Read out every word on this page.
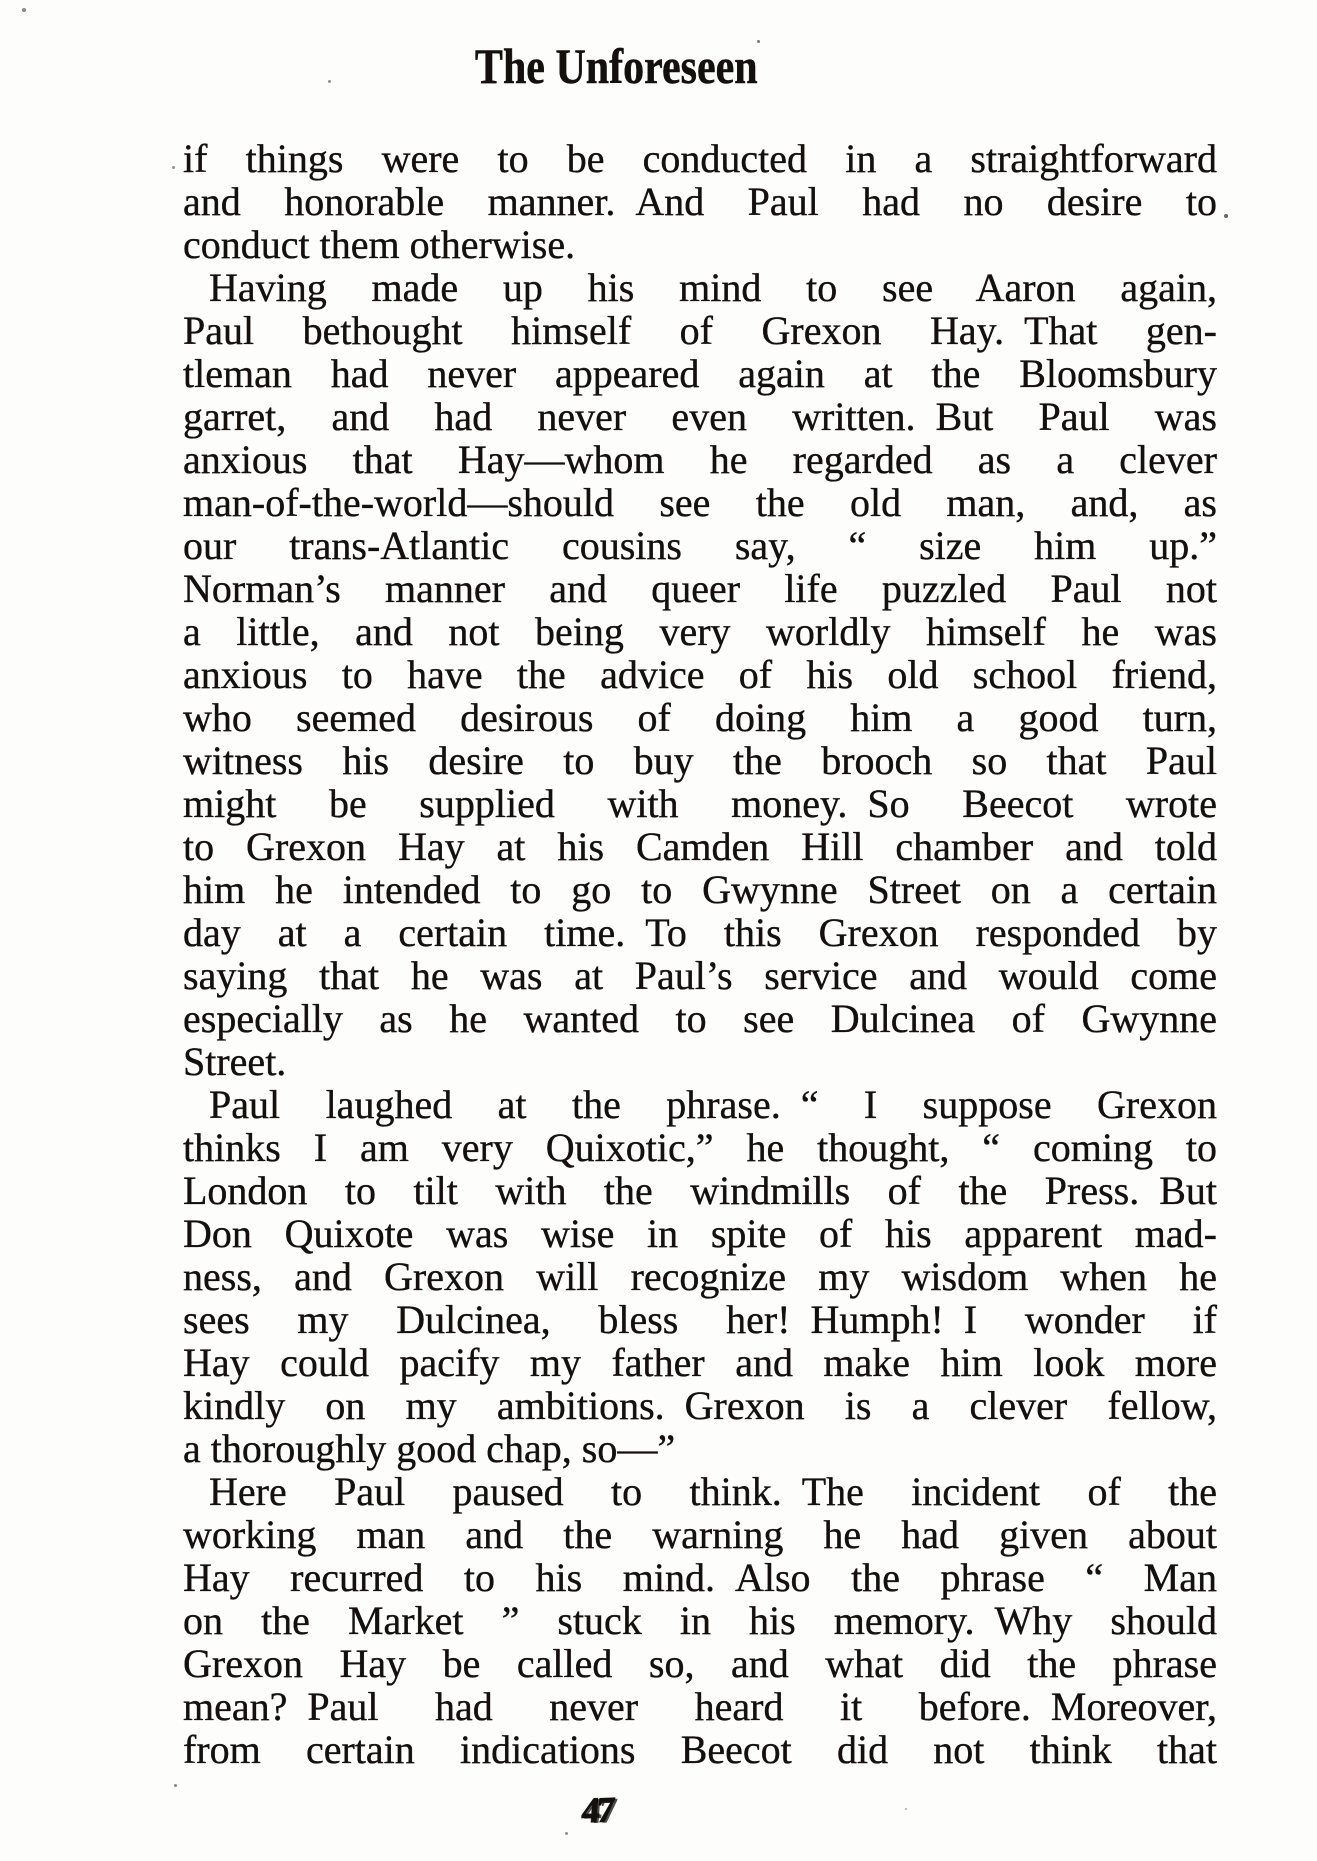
The Unforeseen
if things were to be conducted in a straightforward
and honorable manner. And Paul had no desire to
conduct them otherwise.
Having made up his mind to see Aaron again,
Paul bethought himself of Grexon Hay. That gen-
tleman had never appeared again at the Bloomsbury
garret, and had never even written. But Paul was
anxious that Hay—whom he regarded as a clever
man-of-the-world—should see the old man, and, as
our trans-Atlantic cousins say, “ size him up.”
Norman’s manner and queer life puzzled Paul not
a little, and not being very worldly himself he was
anxious to have the advice of his old school friend,
who seemed desirous of doing him a good turn,
witness his desire to buy the brooch so that Paul
might be supplied with money. So Beecot wrote
to Grexon Hay at his Camden Hill chamber and told
him he intended to go to Gwynne Street on a certain
day at a certain time. To this Grexon responded by
saying that he was at Paul’s service and would come
especially as he wanted to see Dulcinea of Gwynne
Street.
Paul laughed at the phrase. “ I suppose Grexon
thinks I am very Quixotic,” he thought, “ coming to
London to tilt with the windmills of the Press. But
Don Quixote was wise in spite of his apparent mad-
ness, and Grexon will recognize my wisdom when he
sees my Dulcinea, bless her! Humph! I wonder if
Hay could pacify my father and make him look more
kindly on my ambitions. Grexon is a clever fellow,
a thoroughly good chap, so—”
Here Paul paused to think. The incident of the
working man and the warning he had given about
Hay recurred to his mind. Also the phrase “ Man
on the Market ” stuck in his memory. Why should
Grexon Hay be called so, and what did the phrase
mean? Paul had never heard it before. Moreover,
from certain indications Beecot did not think that
47
